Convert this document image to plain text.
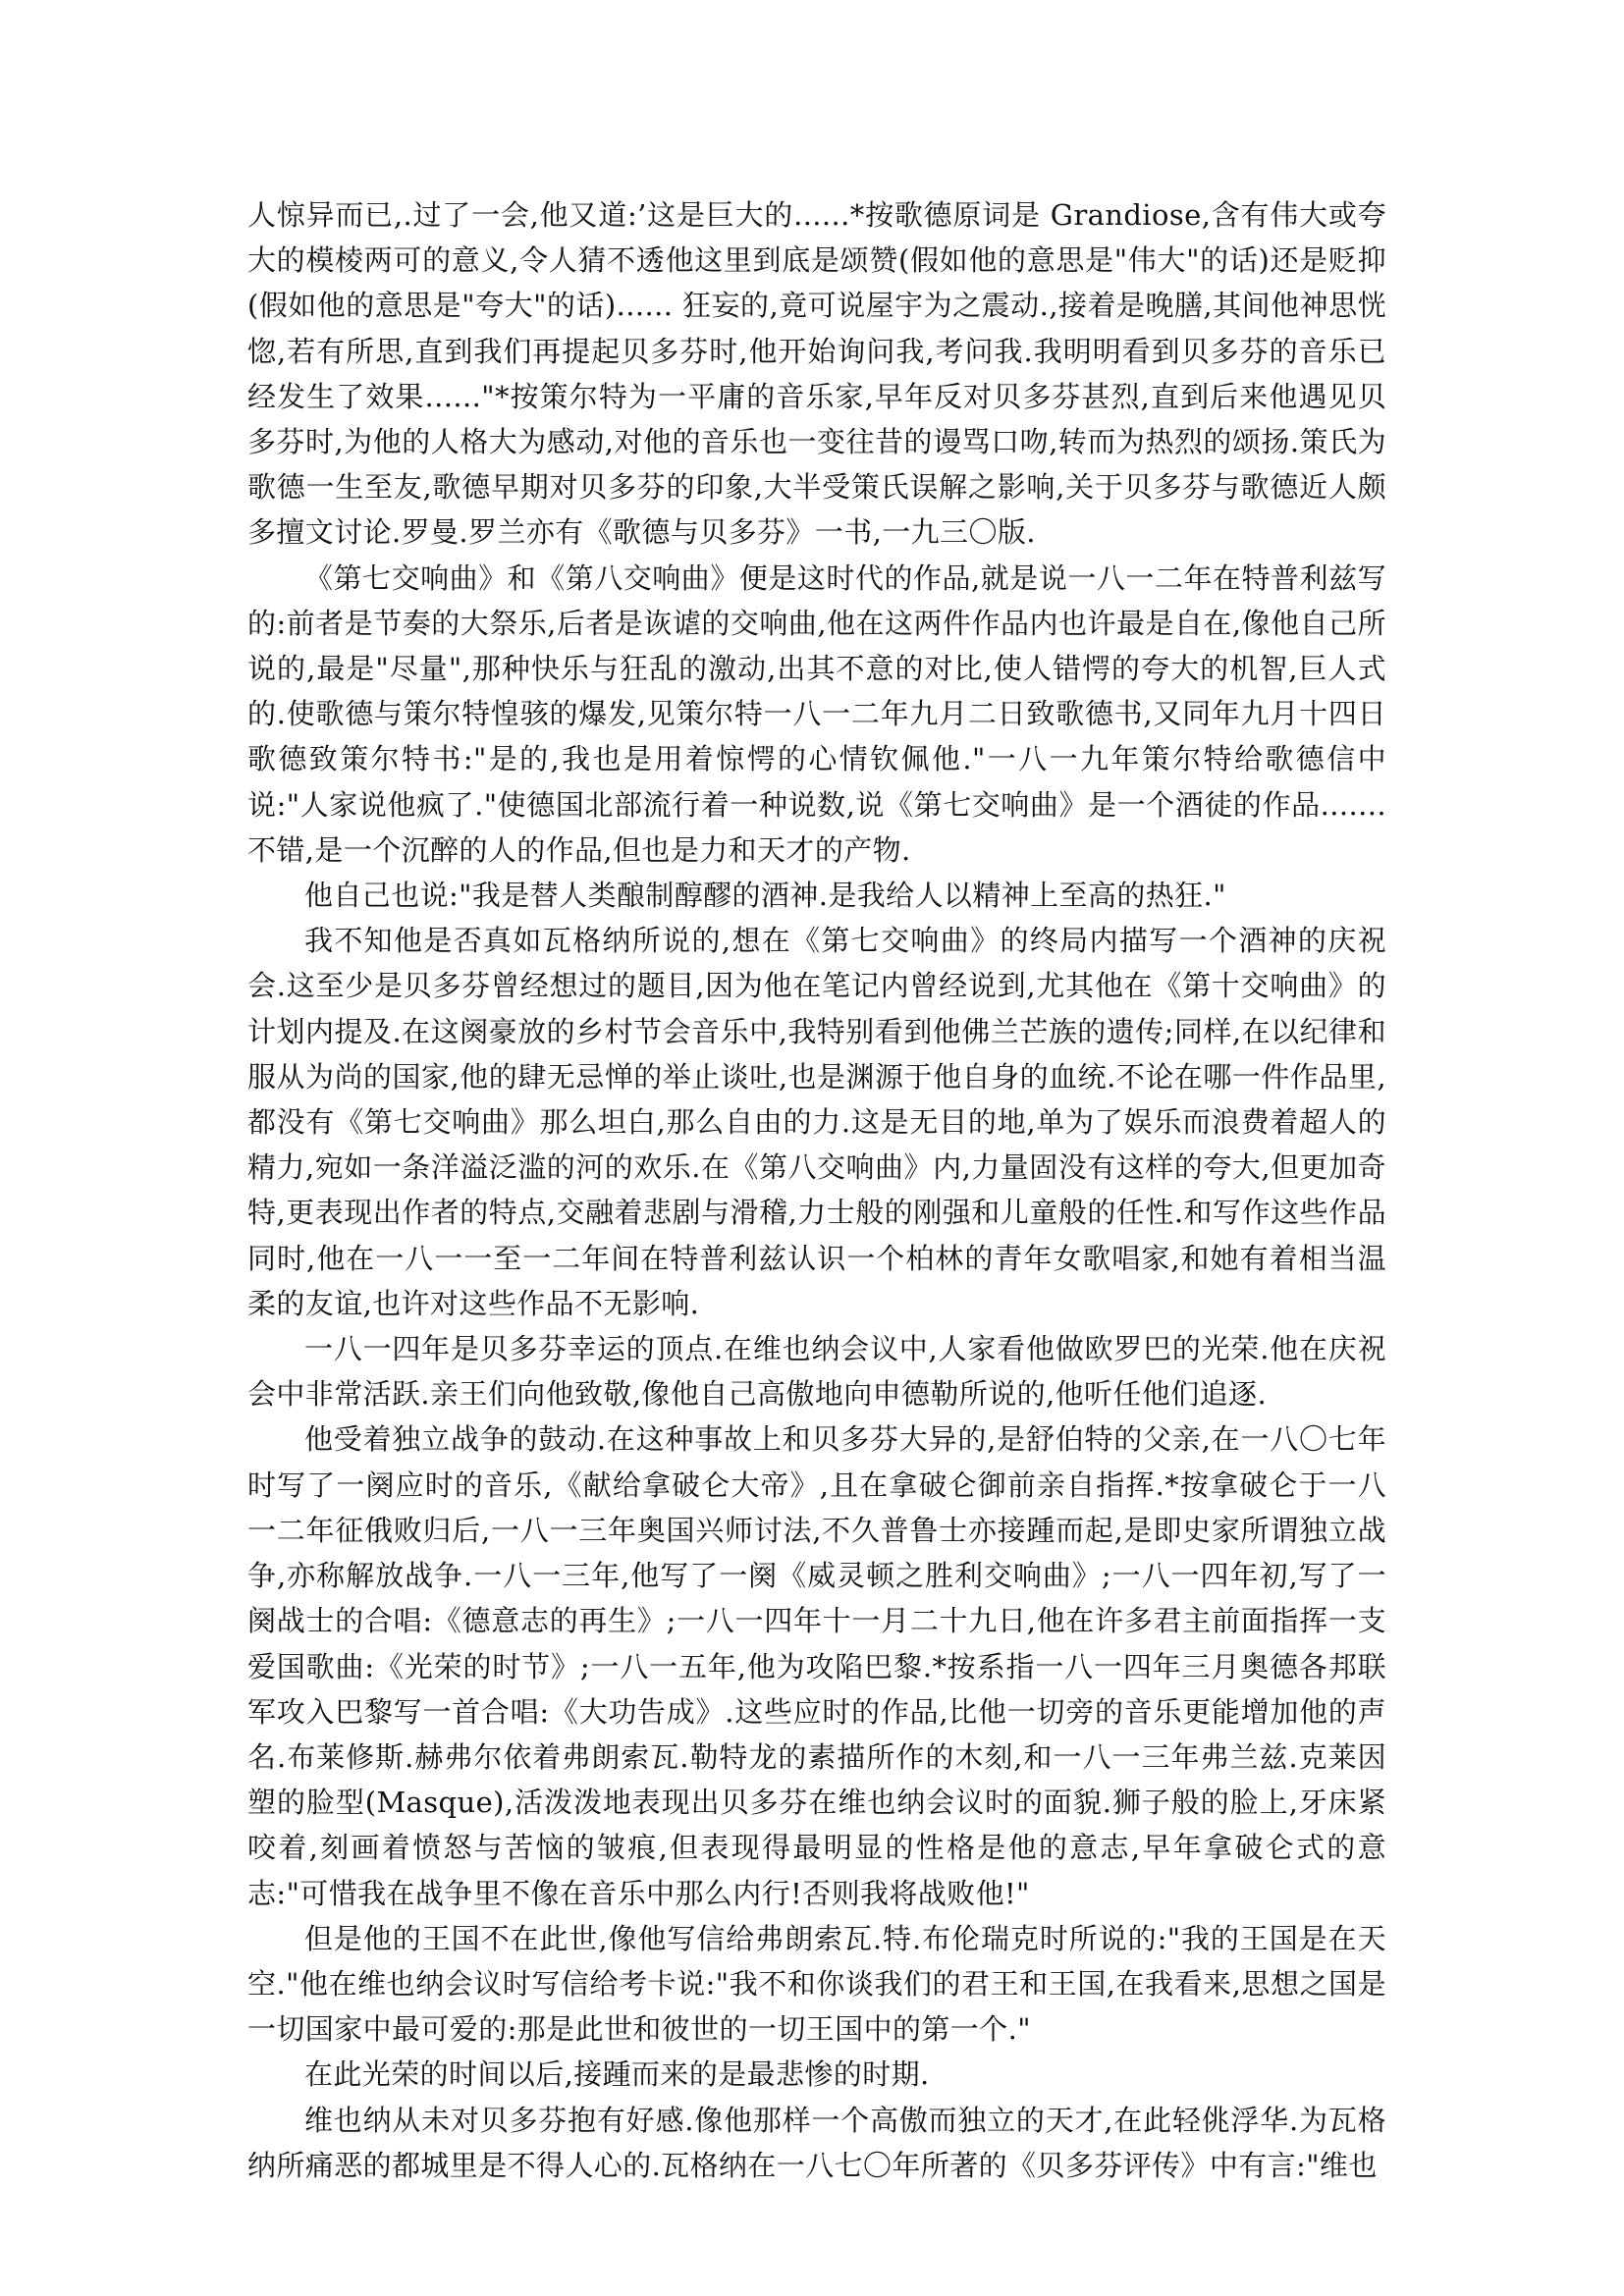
人惊异而已,.过了一会,他又道:’这是巨大的......*按歌德原词是 Grandiose,含有伟大或夸大的模棱两可的意义,令人猜不透他这里到底是颂赞(假如他的意思是"伟大"的话)还是贬抑(假如他的意思是"夸大"的话)...... 狂妄的,竟可说屋宇为之震动.,接着是晚膳,其间他神思恍惚,若有所思,直到我们再提起贝多芬时,他开始询问我,考问我.我明明看到贝多芬的音乐已经发生了效果......"*按策尔特为一平庸的音乐家,早年反对贝多芬甚烈,直到后来他遇见贝多芬时,为他的人格大为感动,对他的音乐也一变往昔的谩骂口吻,转而为热烈的颂扬.策氏为歌德一生至友,歌德早期对贝多芬的印象,大半受策氏误解之影响,关于贝多芬与歌德近人颇多擅文讨论.罗曼.罗兰亦有《歌德与贝多芬》一书,一九三〇版.

《第七交响曲》和《第八交响曲》便是这时代的作品,就是说一八一二年在特普利兹写的:前者是节奏的大祭乐,后者是诙谑的交响曲,他在这两件作品内也许最是自在,像他自己所说的,最是"尽量",那种快乐与狂乱的激动,出其不意的对比,使人错愕的夸大的机智,巨人式的.使歌德与策尔特惶骇的爆发,见策尔特一八一二年九月二日致歌德书,又同年九月十四日歌德致策尔特书:"是的,我也是用着惊愕的心情钦佩他."一八一九年策尔特给歌德信中说:"人家说他疯了."使德国北部流行着一种说数,说《第七交响曲》是一个酒徒的作品.......不错,是一个沉醉的人的作品,但也是力和天才的产物.

他自己也说:"我是替人类酿制醇醪的酒神.是我给人以精神上至高的热狂."

我不知他是否真如瓦格纳所说的,想在《第七交响曲》的终局内描写一个酒神的庆祝会.这至少是贝多芬曾经想过的题目,因为他在笔记内曾经说到,尤其他在《第十交响曲》的计划内提及.在这阕豪放的乡村节会音乐中,我特别看到他佛兰芒族的遗传;同样,在以纪律和服从为尚的国家,他的肆无忌惮的举止谈吐,也是渊源于他自身的血统.不论在哪一件作品里,都没有《第七交响曲》那么坦白,那么自由的力.这是无目的地,单为了娱乐而浪费着超人的精力,宛如一条洋溢泛滥的河的欢乐.在《第八交响曲》内,力量固没有这样的夸大,但更加奇特,更表现出作者的特点,交融着悲剧与滑稽,力士般的刚强和儿童般的任性.和写作这些作品同时,他在一八一一至一二年间在特普利兹认识一个柏林的青年女歌唱家,和她有着相当温柔的友谊,也许对这些作品不无影响.

一八一四年是贝多芬幸运的顶点.在维也纳会议中,人家看他做欧罗巴的光荣.他在庆祝会中非常活跃.亲王们向他致敬,像他自己高傲地向申德勒所说的,他听任他们追逐.

他受着独立战争的鼓动.在这种事故上和贝多芬大异的,是舒伯特的父亲,在一八〇七年时写了一阕应时的音乐,《献给拿破仑大帝》,且在拿破仑御前亲自指挥.*按拿破仑于一八一二年征俄败归后,一八一三年奥国兴师讨法,不久普鲁士亦接踵而起,是即史家所谓独立战争,亦称解放战争.一八一三年,他写了一阕《威灵顿之胜利交响曲》;一八一四年初,写了一阕战士的合唱:《德意志的再生》;一八一四年十一月二十九日,他在许多君主前面指挥一支爱国歌曲:《光荣的时节》;一八一五年,他为攻陷巴黎.*按系指一八一四年三月奥德各邦联军攻入巴黎写一首合唱:《大功告成》.这些应时的作品,比他一切旁的音乐更能增加他的声名.布莱修斯.赫弗尔依着弗朗索瓦.勒特龙的素描所作的木刻,和一八一三年弗兰兹.克莱因塑的脸型(Masque),活泼泼地表现出贝多芬在维也纳会议时的面貌.狮子般的脸上,牙床紧咬着,刻画着愤怒与苦恼的皱痕,但表现得最明显的性格是他的意志,早年拿破仑式的意志:"可惜我在战争里不像在音乐中那么内行!否则我将战败他!"

但是他的王国不在此世,像他写信给弗朗索瓦.特.布伦瑞克时所说的:"我的王国是在天空."他在维也纳会议时写信给考卡说:"我不和你谈我们的君王和王国,在我看来,思想之国是一切国家中最可爱的:那是此世和彼世的一切王国中的第一个."

在此光荣的时间以后,接踵而来的是最悲惨的时期.

维也纳从未对贝多芬抱有好感.像他那样一个高傲而独立的天才,在此轻佻浮华.为瓦格纳所痛恶的都城里是不得人心的.瓦格纳在一八七〇年所著的《贝多芬评传》中有言:"维也
